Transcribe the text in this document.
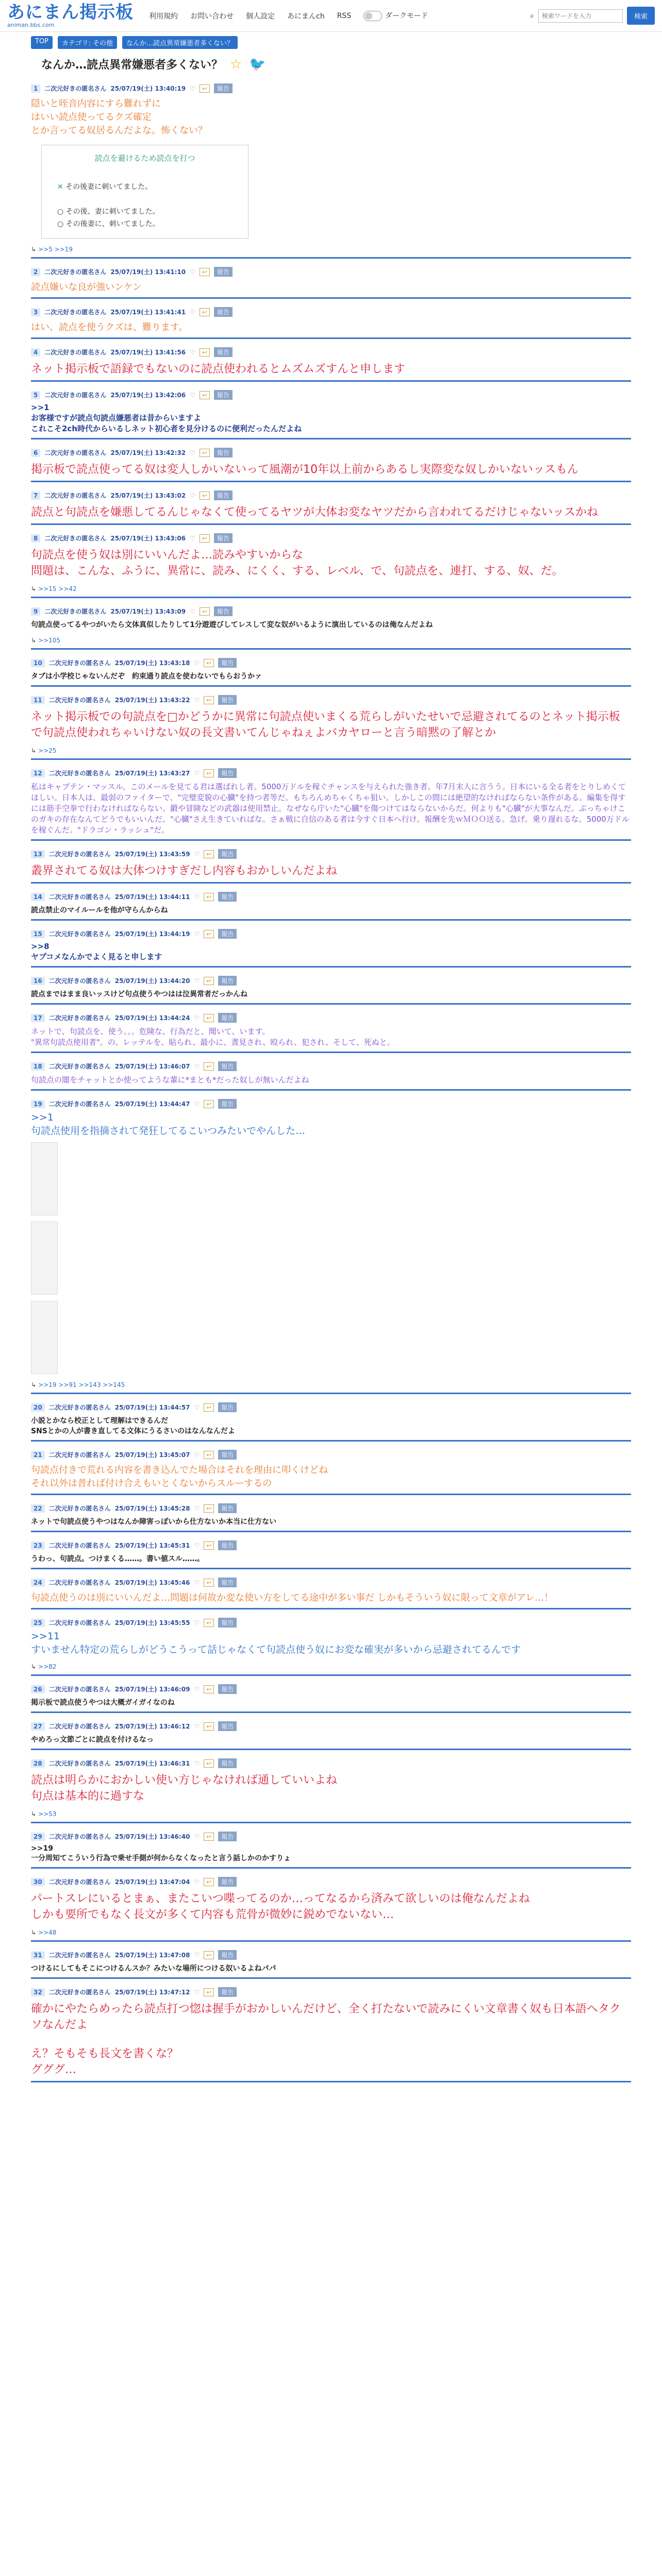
あにまん掲示板
animan.bbs.com
利用規約 お問い合わせ 個人設定 あにまんch RSS	ダークモード	⌕
検索ワードを入力	検索
TOP	カテゴリ: その他	なんか…読点異常嫌悪者多くない？
なんか…読点異常嫌悪者多くない？ ☆ 🐦
1	二次元好きの匿名さん 25/07/19(土) 13:40:19 ♡	↩	報告
隠いと咥音内容にすら難れずに
はいい読点使ってるクズ確定
とか言ってる奴居るんだよな。怖くない？
読点を避けるため読点を打つ
✕ その後妻に刺いてました。
○ その後、妻に刺いてました。
○ その後妻に、刺いてました。
↳ >>5 >>19
2	二次元好きの匿名さん 25/07/19(土) 13:41:10 ♡	↩	報告
読点嫌いな良が強いンケン
3	二次元好きの匿名さん 25/07/19(土) 13:41:41 ♡	↩	報告
はい、読点を使うクズは、難ります。
4	二次元好きの匿名さん 25/07/19(土) 13:41:56 ♡	↩	報告
ネット掲示板で語録でもないのに読点使われるとムズムズすんと申します
5	二次元好きの匿名さん 25/07/19(土) 13:42:06 ♡	↩	報告
>>1
お客様ですが読点句読点嫌悪者は昔からいますよ
これこそ2ch時代からいるしネット初心者を見分けるのに便利だったんだよね
6	二次元好きの匿名さん 25/07/19(土) 13:42:32 ♡	↩	報告
掲示板で読点使ってる奴は変人しかいないって風潮が10年以上前からあるし実際変な奴しかいないッスもん
7	二次元好きの匿名さん 25/07/19(土) 13:43:02 ♡	↩	報告
読点と句読点を嫌悪してるんじゃなくて使ってるヤツが大体お変なヤツだから言われてるだけじゃないッスかね
8	二次元好きの匿名さん 25/07/19(土) 13:43:06 ♡	↩	報告
句読点を使う奴は別にいいんだよ…読みやすいからな
問題は、こんな、ふうに、異常に、読み、にくく、する、レベル、で、句読点を、連打、する、奴、だ。
↳ >>15 >>42
9	二次元好きの匿名さん 25/07/19(土) 13:43:09 ♡	↩	報告
句読点使ってるやつがいたら文体真似したりして1分遊遊びしてレスして変な奴がいるように演出しているのは俺なんだよね
↳ >>105
10	二次元好きの匿名さん 25/07/19(土) 13:43:18 ♡	↩	報告
タブは小学校じゃないんだぞ　約束通り読点を使わないでもらおうかァ
11	二次元好きの匿名さん 25/07/19(土) 13:43:22 ♡	↩	報告
ネット掲示板での句読点を□かどうかに異常に句読点使いまくる荒らしがいたせいで忌避されてるのとネット掲示板で句読点使われちゃいけない奴の長文書いてんじゃねぇよバカヤローと言う暗黙の了解とか
↳ >>25
12	二次元好きの匿名さん 25/07/19(土) 13:43:27 ♡	↩	報告
私はキャプテン・マッスル。このメールを見てる君は選ばれし者。5000万ドルを稼ぐチャンスを与えられた強き者。年7月末人に言うう。日本にいる全る者をとりしめくてほしい。日本人は、最弱のファイターで、"完璧変貌の心臓"を持つ者等だ。もちろんめちゃくちゃ狙い。しかしこの間には絶望的なければならない条件がある。編集を得すには筋手空拳で行わなければならない。鍛や冒険などの武器は使用禁止。なぜなら庁いた"心臓"を傷つけてはならないからだ。何よりも"心臓"が大事なんだ。ぶっちゃけこのガキの存在なんてどうでもいいんだ。"心臓"さえ生きていればな。さぁ戦に自信のある者は今すぐ日本へ行け。報酬を先ｗＭＯＯ送る。急げ。乗り遅れるな。5000万ドルを稼ぐんだ。"ドラゴン・ラッシュ"だ。
13	二次元好きの匿名さん 25/07/19(土) 13:43:59 ♡	↩	報告
叢界されてる奴は大体つけすぎだし内容もおかしいんだよね
14	二次元好きの匿名さん 25/07/19(土) 13:44:11 ♡	↩	報告
読点禁止のマイルールを他が守らんからね
15	二次元好きの匿名さん 25/07/19(土) 13:44:19 ♡	↩	報告
>>8
ヤプコメなんかでよく見ると申します
16	二次元好きの匿名さん 25/07/19(土) 13:44:20 ♡	↩	報告
読点まではまま良いッスけど句点使うやつはは泣異常者だっかんね
17	二次元好きの匿名さん 25/07/19(土) 13:44:24 ♡	↩	報告
ネットで、句読点を、使う。。。危険な、行為だと、聞いて、います。
"異常句読点使用者"。の、レッテルを、貼られ、最小に、晝見され、殴られ、犯され、そして、死ぬと。
18	二次元好きの匿名さん 25/07/19(土) 13:46:07 ♡	↩	報告
句読点の闇をチャットとか使ってような輩に*まとも*だった奴しが無いんだよね
19	二次元好きの匿名さん 25/07/19(土) 13:44:47 ♡	↩	報告
>>1
句読点使用を指摘されて発狂してるこいつみたいでやんした…
↳ >>19 >>91 >>143 >>145
20	二次元好きの匿名さん 25/07/19(土) 13:44:57 ♡	↩	報告
小説とかなら校正として理解はできるんだ
SNSとかの人が書き直してる文体にうるさいのはなんなんだよ
21	二次元好きの匿名さん 25/07/19(土) 13:45:07 ♡	↩	報告
句読点付きで荒れる内容を書き込んでた場合はそれを理由に叩くけどね
それ以外は普れば付け合えもいとくないからスルーするの
22	二次元好きの匿名さん 25/07/19(土) 13:45:28 ♡	↩	報告
ネットで句読点使うやつはなんか障害っぽいから仕方ないか本当に仕方ない
23	二次元好きの匿名さん 25/07/19(土) 13:45:31 ♡	↩	報告
うわっ、句読点。つけまくる……。書い値スル……。
24	二次元好きの匿名さん 25/07/19(土) 13:45:46 ♡	↩	報告
句読点使うのは別にいいんだよ…問題は何故か変な使い方をしてる途中が多い事だ しかもそういう奴に限って文章がアレ…！
25	二次元好きの匿名さん 25/07/19(土) 13:45:55 ♡	↩	報告
>>11
すいません特定の荒らしがどうこうって話じゃなくて句読点使う奴にお変な確実が多いから忌避されてるんです
↳ >>82
26	二次元好きの匿名さん 25/07/19(土) 13:46:09 ♡	↩	報告
掲示板で読点使うやつは大概ガイガイなのね
27	二次元好きの匿名さん 25/07/19(土) 13:46:12 ♡	↩	報告
やめろっ文節ごとに読点を付けるなっ
28	二次元好きの匿名さん 25/07/19(土) 13:46:31 ♡	↩	報告
読点は明らかにおかしい使い方じゃなければ通していいよね
句点は基本的に過すな
↳ >>53
29	二次元好きの匿名さん 25/07/19(土) 13:46:40 ♡	↩	報告
>>19
一分周知てこういう行為で乗せ手側が何からなくなったと言う話しかのかすりょ
30	二次元好きの匿名さん 25/07/19(土) 13:47:04 ♡	↩	報告
パートスレにいるとまぁ、またこいつ喋ってるのか…ってなるから済みて欲しいのは俺なんだよね
しかも要所でもなく長文が多くて内容も荒骨が微妙に鋭めでないない…
↳ >>48
31	二次元好きの匿名さん 25/07/19(土) 13:47:08 ♡	↩	報告
つけるにしてもそこにつけるんスか？みたいな場所につける奴いるよねパパ
32	二次元好きの匿名さん 25/07/19(土) 13:47:12 ♡	↩	報告
確かにやたらめったら読点打つ惚は握手がおかしいんだけど、全く打たないで読みにくい文章書く奴も日本語ヘタクソなんだよ

え？そもそも長文を書くな？
グググ…
